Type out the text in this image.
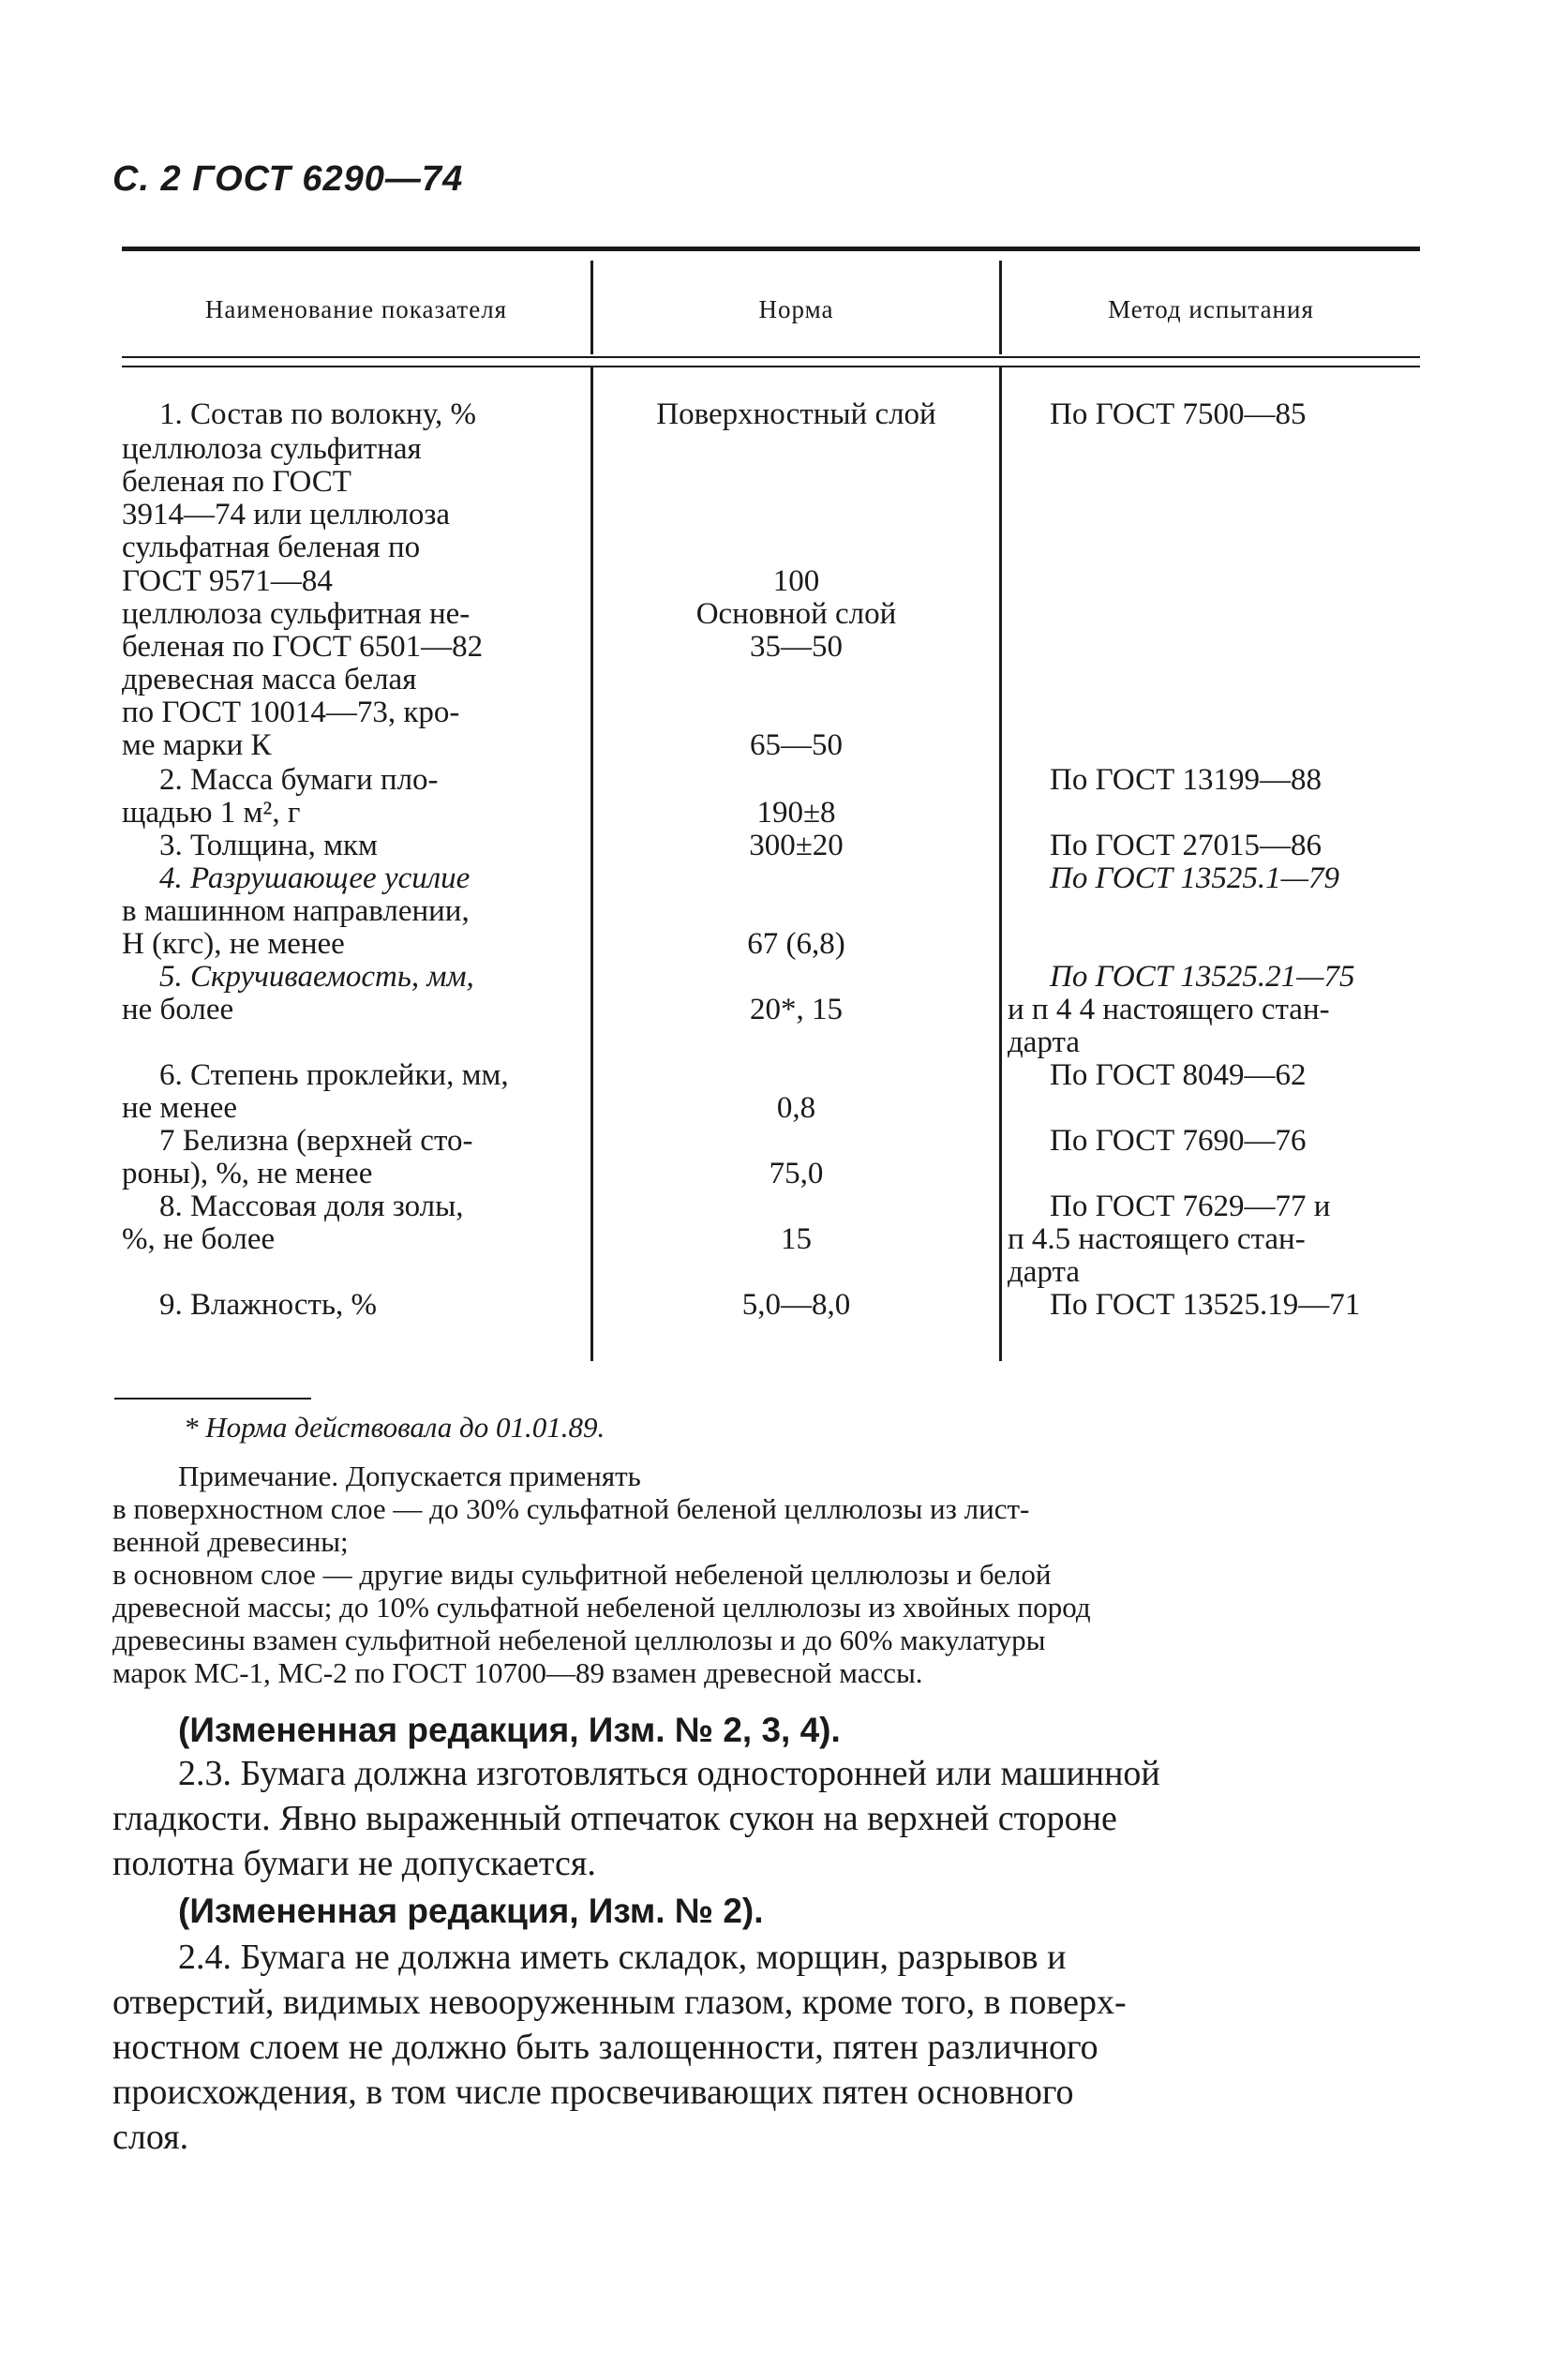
С. 2 ГОСТ 6290—74
Наименование показателя	Норма	Метод испытания
1. Состав по волокну, %
целлюлоза сульфитная
беленая по ГОСТ
3914—74 или целлюлоза
сульфатная беленая по
ГОСТ 9571—84
целлюлоза сульфитная не-
беленая по ГОСТ 6501—82
древесная масса белая
по ГОСТ 10014—73, кро-
ме марки К
2. Масса бумаги пло-
щадью 1 м², г
3. Толщина, мкм
4. Разрушающее усилие
в машинном направлении,
Н (кгс), не менее
5. Скручиваемость, мм,
не более
6. Степень проклейки, мм,
не менее
7 Белизна (верхней сто-
роны), %, не менее
8. Массовая доля золы,
%, не более
9. Влажность, %
Поверхностный слой
100
Основной слой
35—50
65—50
190±8
300±20
67 (6,8)
20*, 15
0,8
75,0
15
5,0—8,0
По ГОСТ 7500—85
По ГОСТ 13199—88
По ГОСТ 27015—86
По ГОСТ 13525.1—79
По ГОСТ 13525.21—75
и п 4 4 настоящего стан-
дарта
По ГОСТ 8049—62
По ГОСТ 7690—76
По ГОСТ 7629—77 и
п 4.5 настоящего стан-
дарта
По ГОСТ 13525.19—71
* Норма действовала до 01.01.89.
Примечание. Допускается применять
в поверхностном слое — до 30% сульфатной беленой целлюлозы из лист-
венной древесины;
в основном слое — другие виды сульфитной небеленой целлюлозы и белой
древесной массы; до 10% сульфатной небеленой целлюлозы из хвойных пород
древесины взамен сульфитной небеленой целлюлозы и до 60% макулатуры
марок МС-1, МС-2 по ГОСТ 10700—89 взамен древесной массы.
(Измененная редакция, Изм. № 2, 3, 4).
2.3. Бумага должна изготовляться односторонней или машинной
гладкости. Явно выраженный отпечаток сукон на верхней стороне
полотна бумаги не допускается.
(Измененная редакция, Изм. № 2).
2.4. Бумага не должна иметь складок, морщин, разрывов и
отверстий, видимых невооруженным глазом, кроме того, в поверх-
ностном слоем не должно быть залощенности, пятен различного
происхождения, в том числе просвечивающих пятен основного
слоя.
